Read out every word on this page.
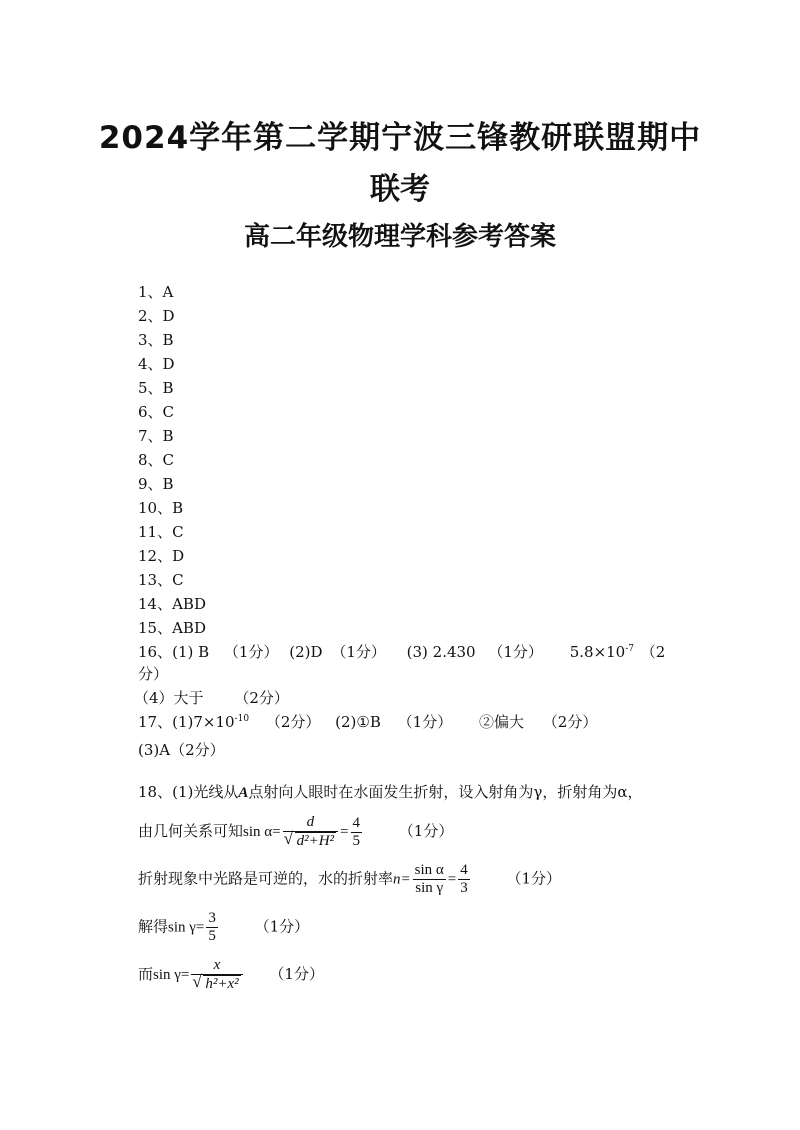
2024学年第二学期宁波三锋教研联盟期中
联考
高二年级物理学科参考答案
1、A
2、D
3、B
4、D
5、B
6、C
7、B
8、C
9、B
10、B
11、C
12、D
13、C
14、ABD
15、ABD
16、(1) B （1分） (2)D （1分） (3) 2.430 （1分） $5.8\times 10^{-7}$ （2
分）
（4）大于 （2分）
17、$(1)7\times 10^{-10}$ （2分） (2)①B （1分） ②偏大 （2分）
(3)A（2分）
18、(1)光线从A点射向人眼时在水面发生折射，设入射角为γ，折射角为α，
由几何关系可知sin α= d
√ $d^2+H^2 = \frac{4}{5} (1$分）
折射现象中光路是可逆的，水的折射率$n= \frac{\text{sin α}}{\text{sin γ}} = \frac{4}{3} (1$分）
解得$\sin \gamma= \frac{3}{5} (1$分）
而sin γ= x
√ h²+x² （1分）
